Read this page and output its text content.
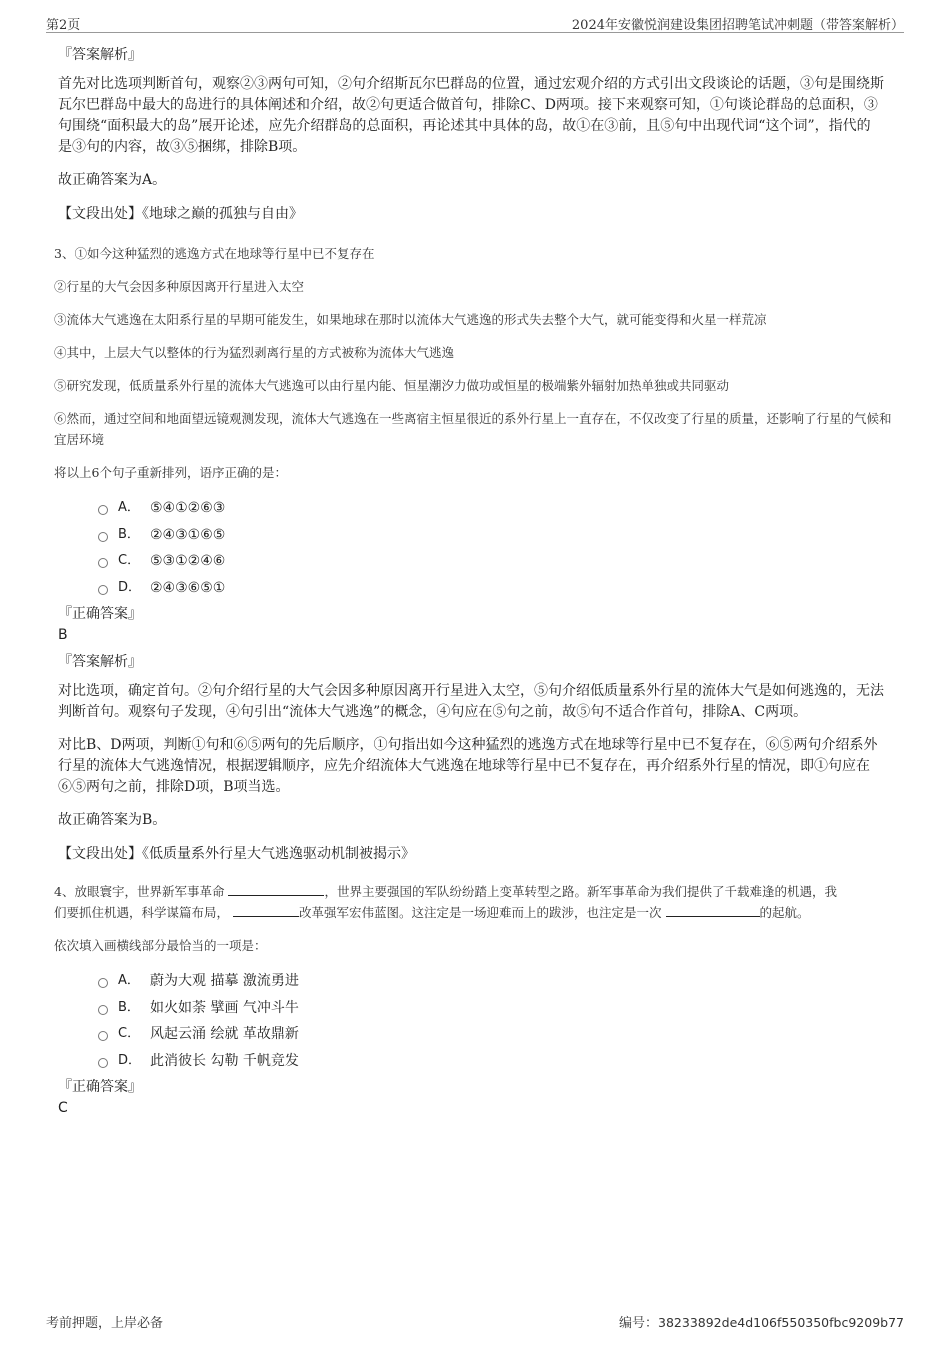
第2页	2024年安徽悦润建设集团招聘笔试冲刺题（带答案解析）
『答案解析』

首先对比选项判断首句，观察②③两句可知，②句介绍斯瓦尔巴群岛的位置，通过宏观介绍的方式引出文段谈论的话题，③句是围绕斯瓦尔巴群岛中最大的岛进行的具体阐述和介绍，故②句更适合做首句，排除C、D两项。接下来观察可知，①句谈论群岛的总面积，③句围绕“面积最大的岛”展开论述，应先介绍群岛的总面积，再论述其中具体的岛，故①在③前，且⑤句中出现代词“这个词”，指代的是③句的内容，故③⑤捆绑，排除B项。

故正确答案为A。

【文段出处】《地球之巅的孤独与自由》

3、①如今这种猛烈的逃逸方式在地球等行星中已不复存在

②行星的大气会因多种原因离开行星进入太空

③流体大气逃逸在太阳系行星的早期可能发生，如果地球在那时以流体大气逃逸的形式失去整个大气，就可能变得和火星一样荒凉

④其中，上层大气以整体的行为猛烈剥离行星的方式被称为流体大气逃逸

⑤研究发现，低质量系外行星的流体大气逃逸可以由行星内能、恒星潮汐力做功或恒星的极端紫外辐射加热单独或共同驱动

⑥然而，通过空间和地面望远镜观测发现，流体大气逃逸在一些离宿主恒星很近的系外行星上一直存在，不仅改变了行星的质量，还影响了行星的气候和宜居环境

将以上6个句子重新排列，语序正确的是：

A． ⑤④①②⑥③
B． ②④③①⑥⑤
C． ⑤③①②④⑥
D． ②④③⑥⑤①
『正确答案』
B
『答案解析』

对比选项，确定首句。②句介绍行星的大气会因多种原因离开行星进入太空，⑤句介绍低质量系外行星的流体大气是如何逃逸的，无法判断首句。观察句子发现，④句引出“流体大气逃逸”的概念，④句应在⑤句之前，故⑤句不适合作首句，排除A、C两项。

对比B、D两项，判断①句和⑥⑤两句的先后顺序，①句指出如今这种猛烈的逃逸方式在地球等行星中已不复存在，⑥⑤两句介绍系外行星的流体大气逃逸情况，根据逻辑顺序，应先介绍流体大气逃逸在地球等行星中已不复存在，再介绍系外行星的情况，即①句应在⑥⑤两句之前，排除D项，B项当选。

故正确答案为B。

【文段出处】《低质量系外行星大气逃逸驱动机制被揭示》

4、放眼寰宇，世界新军事革命	，世界主要强国的军队纷纷踏上变革转型之路。新军事革命为我们提供了千载难逢的机遇，我
们要抓住机遇，科学谋篇布局，	改革强军宏伟蓝图。这注定是一场迎难而上的跋涉，也注定是一次	的起航。

依次填入画横线部分最恰当的一项是：

A． 蔚为大观 描摹 激流勇进
B． 如火如荼 擘画 气冲斗牛
C． 风起云涌 绘就 革故鼎新
D． 此消彼长 勾勒 千帆竞发
『正确答案』
C
考前押题，上岸必备	编号：38233892de4d106f550350fbc9209b77
